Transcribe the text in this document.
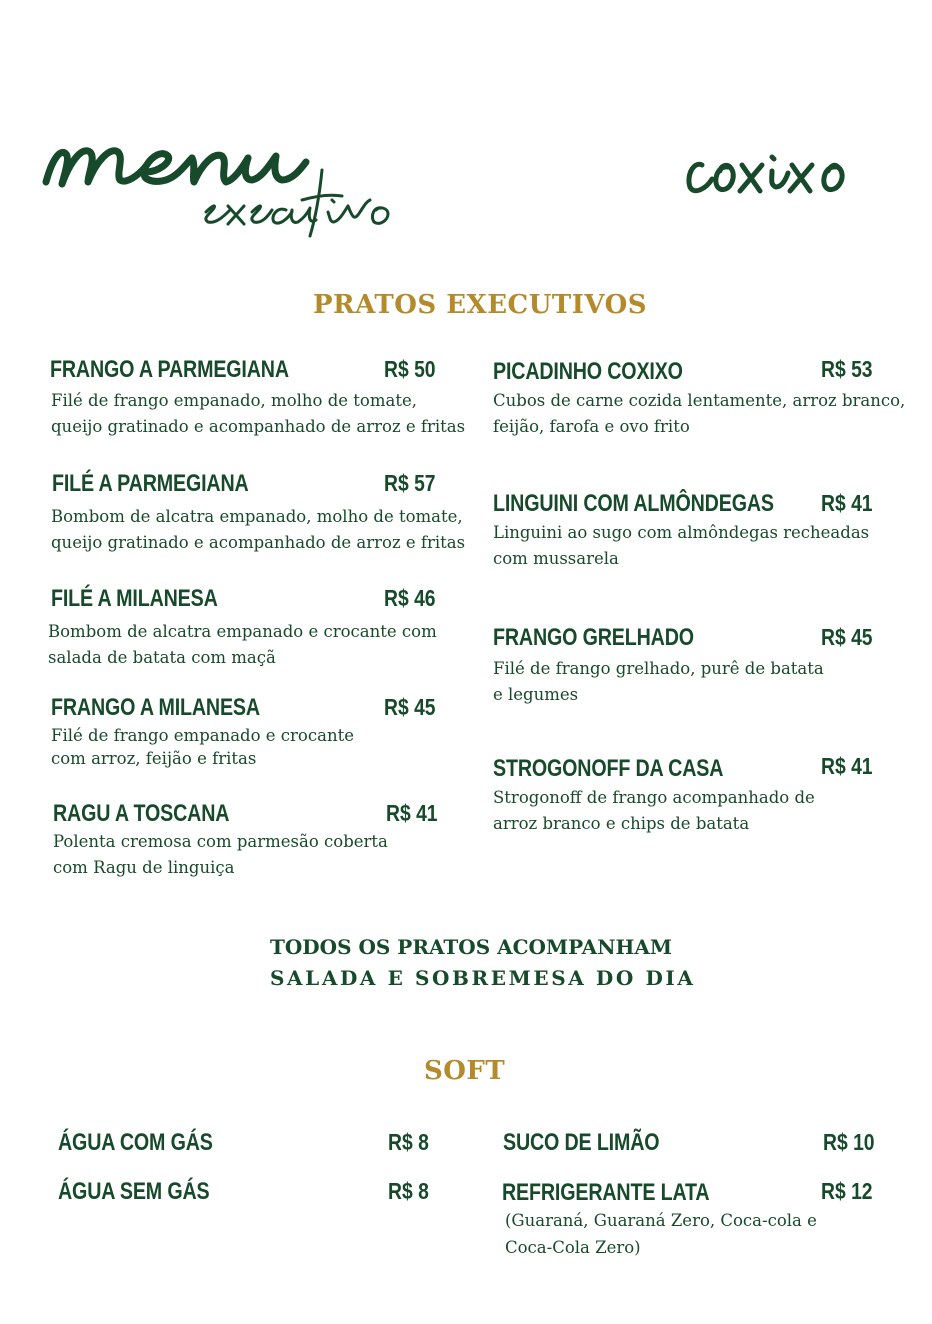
PRATOS EXECUTIVOS
FRANGO A PARMEGIANA	R$ 50
Filé de frango empanado, molho de tomate,
queijo gratinado e acompanhado de arroz e fritas
FILÉ A PARMEGIANA	R$ 57
Bombom de alcatra empanado, molho de tomate,
queijo gratinado e acompanhado de arroz e fritas
FILÉ A MILANESA	R$ 46
Bombom de alcatra empanado e crocante com
salada de batata com maçã
FRANGO A MILANESA	R$ 45
Filé de frango empanado e crocante
com arroz, feijão e fritas
RAGU A TOSCANA	R$ 41
Polenta cremosa com parmesão coberta
com Ragu de linguiça
PICADINHO COXIXO	R$ 53
Cubos de carne cozida lentamente, arroz branco,
feijão, farofa e ovo frito
LINGUINI COM ALMÔNDEGAS R$ 41
Linguini ao sugo com almôndegas recheadas
com mussarela
FRANGO GRELHADO	R$ 45
Filé de frango grelhado, purê de batata
e legumes
STROGONOFF DA CASA	R$ 41
Strogonoff de frango acompanhado de
arroz branco e chips de batata
TODOS OS PRATOS ACOMPANHAM
SALADA E SOBREMESA DO DIA
SOFT
ÁGUA COM GÁS	R$ 8
ÁGUA SEM GÁS	R$ 8
SUCO DE LIMÃO	R$ 10
REFRIGERANTE LATA	R$ 12
(Guaraná, Guaraná Zero, Coca-cola e
Coca-Cola Zero)
